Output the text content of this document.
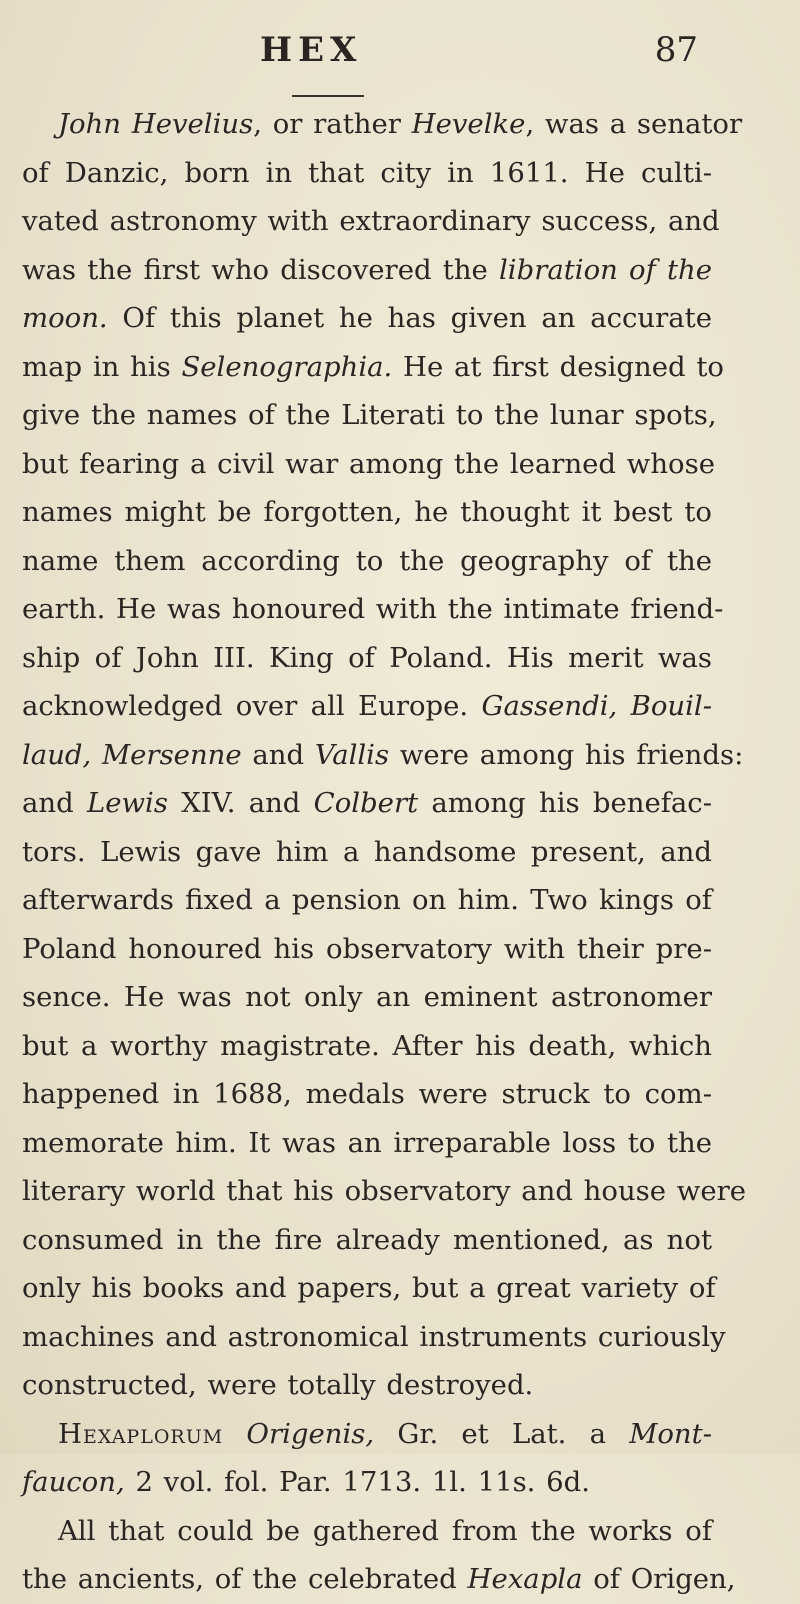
HEX	87
John Hevelius, or rather Hevelke, was a senator
of Danzic, born in that city in 1611. He culti-
vated astronomy with extraordinary success, and
was the first who discovered the libration of the
moon. Of this planet he has given an accurate
map in his Selenographia. He at first designed to
give the names of the Literati to the lunar spots,
but fearing a civil war among the learned whose
names might be forgotten, he thought it best to
name them according to the geography of the
earth. He was honoured with the intimate friend-
ship of John III. King of Poland. His merit was
acknowledged over all Europe. Gassendi, Bouil-
laud, Mersenne and Vallis were among his friends:
and Lewis XIV. and Colbert among his benefac-
tors. Lewis gave him a handsome present, and
afterwards fixed a pension on him. Two kings of
Poland honoured his observatory with their pre-
sence. He was not only an eminent astronomer
but a worthy magistrate. After his death, which
happened in 1688, medals were struck to com-
memorate him. It was an irreparable loss to the
literary world that his observatory and house were
consumed in the fire already mentioned, as not
only his books and papers, but a great variety of
machines and astronomical instruments curiously
constructed, were totally destroyed.
Hexaplorum Origenis, Gr. et Lat. a Mont-
faucon, 2 vol. fol. Par. 1713. 1l. 11s. 6d.
All that could be gathered from the works of
the ancients, of the celebrated Hexapla of Origen,
